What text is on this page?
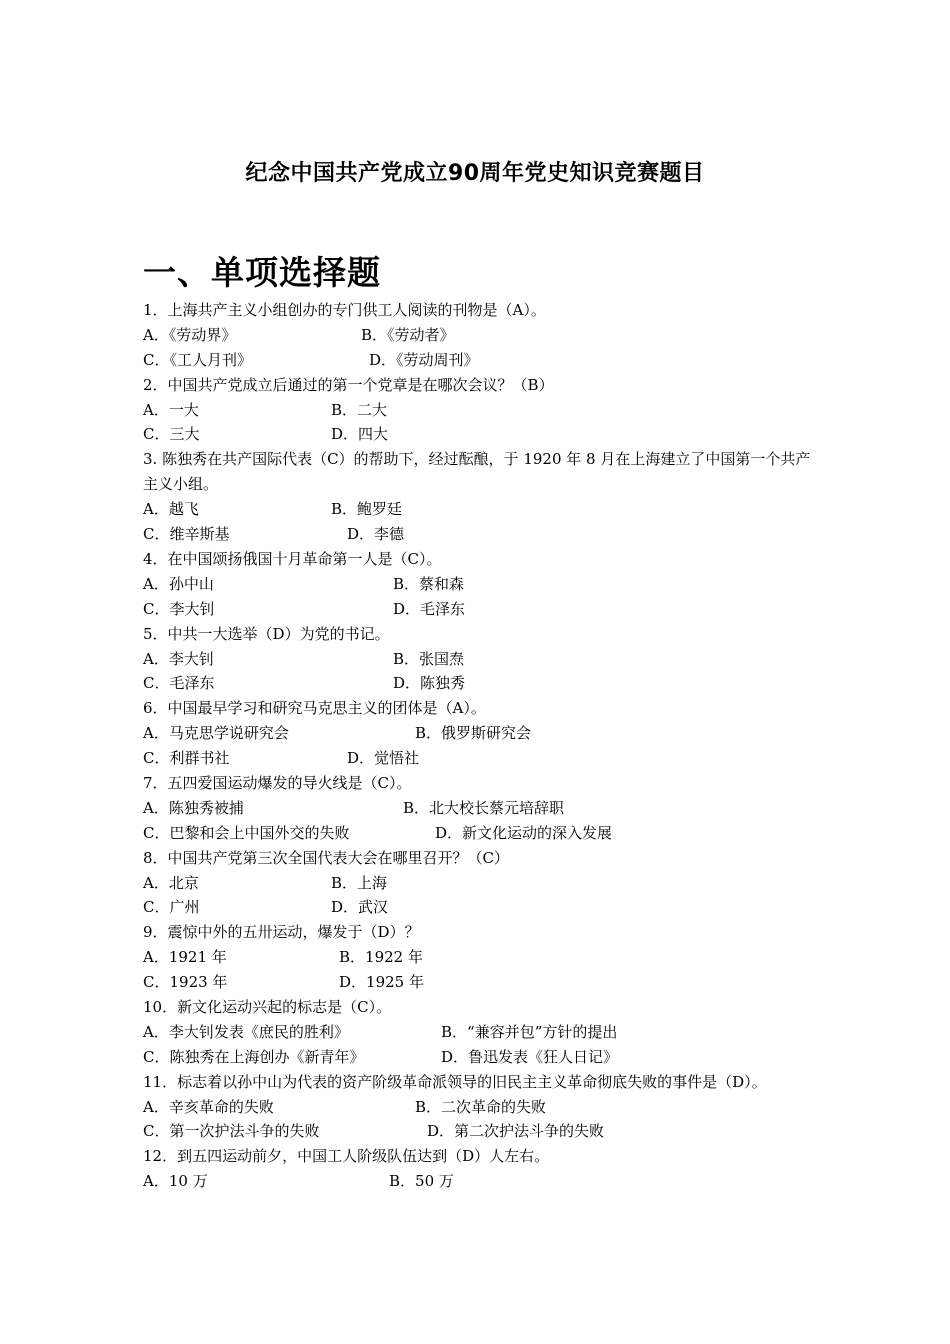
纪念中国共产党成立90周年党史知识竞赛题目
一、单项选择题
1．上海共产主义小组创办的专门供工人阅读的刊物是（A）。
A．《劳动界》	B．《劳动者》
C．《工人月刊》	D．《劳动周刊》
2．中国共产党成立后通过的第一个党章是在哪次会议？（B）
A．一大	B．二大
C．三大	D．四大
3. 陈独秀在共产国际代表（C）的帮助下，经过酝酿，于 1920 年 8 月在上海建立了中国第一个共产主义小组。
A．越飞	B．鲍罗廷
C．维辛斯基	D．李德
4．在中国颂扬俄国十月革命第一人是（C）。
A．孙中山	B．蔡和森
C．李大钊	D．毛泽东
5．中共一大选举（D）为党的书记。
A．李大钊	B．张国焘
C．毛泽东	D．陈独秀
6．中国最早学习和研究马克思主义的团体是（A）。
A．马克思学说研究会	B．俄罗斯研究会
C．利群书社	D．觉悟社
7．五四爱国运动爆发的导火线是（C）。
A．陈独秀被捕	B．北大校长蔡元培辞职
C．巴黎和会上中国外交的失败	D．新文化运动的深入发展
8．中国共产党第三次全国代表大会在哪里召开？（C）
A．北京	B．上海
C．广州	D．武汉
9．震惊中外的五卅运动，爆发于（D）？
A．1921 年	B．1922 年
C．1923 年	D．1925 年
10．新文化运动兴起的标志是（C）。
A．李大钊发表《庶民的胜利》	B．“兼容并包”方针的提出
C．陈独秀在上海创办《新青年》	D．鲁迅发表《狂人日记》
11．标志着以孙中山为代表的资产阶级革命派领导的旧民主主义革命彻底失败的事件是（D）。
A．辛亥革命的失败	B．二次革命的失败
C．第一次护法斗争的失败	D．第二次护法斗争的失败
12．到五四运动前夕，中国工人阶级队伍达到（D）人左右。
A．10 万	B．50 万
